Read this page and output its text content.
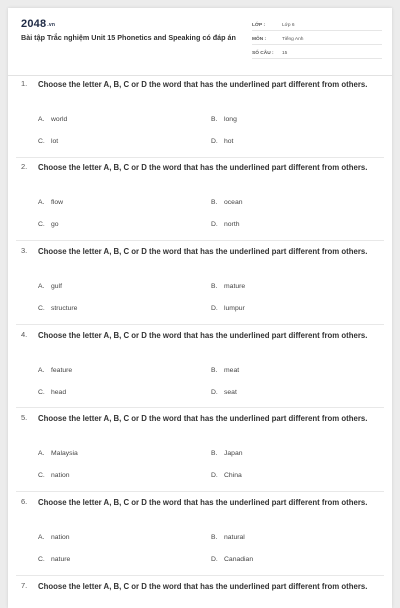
$2048^{.vn}$
Bài tập Trắc nghiệm Unit 15 Phonetics and Speaking có đáp án
LỚP :	Lớp 6
MÔN :	Tiếng Anh
SỐ CÂU :	15
1. Choose the letter A, B, C or D the word that has the underlined part different from others.
A. world	B. long
C. lot	D. hot
2. Choose the letter A, B, C or D the word that has the underlined part different from others.
A. flow	B. ocean
C. go	D. north
3. Choose the letter A, B, C or D the word that has the underlined part different from others.
A. gulf	B. mature
C. structure	D. lumpur
4. Choose the letter A, B, C or D the word that has the underlined part different from others.
A. feature	B. meat
C. head	D. seat
5. Choose the letter A, B, C or D the word that has the underlined part different from others.
A. Malaysia	B. Japan
C. nation	D. China
6. Choose the letter A, B, C or D the word that has the underlined part different from others.
A. nation	B. natural
C. nature	D. Canadian
7. Choose the letter A, B, C or D the word that has the underlined part different from others.
